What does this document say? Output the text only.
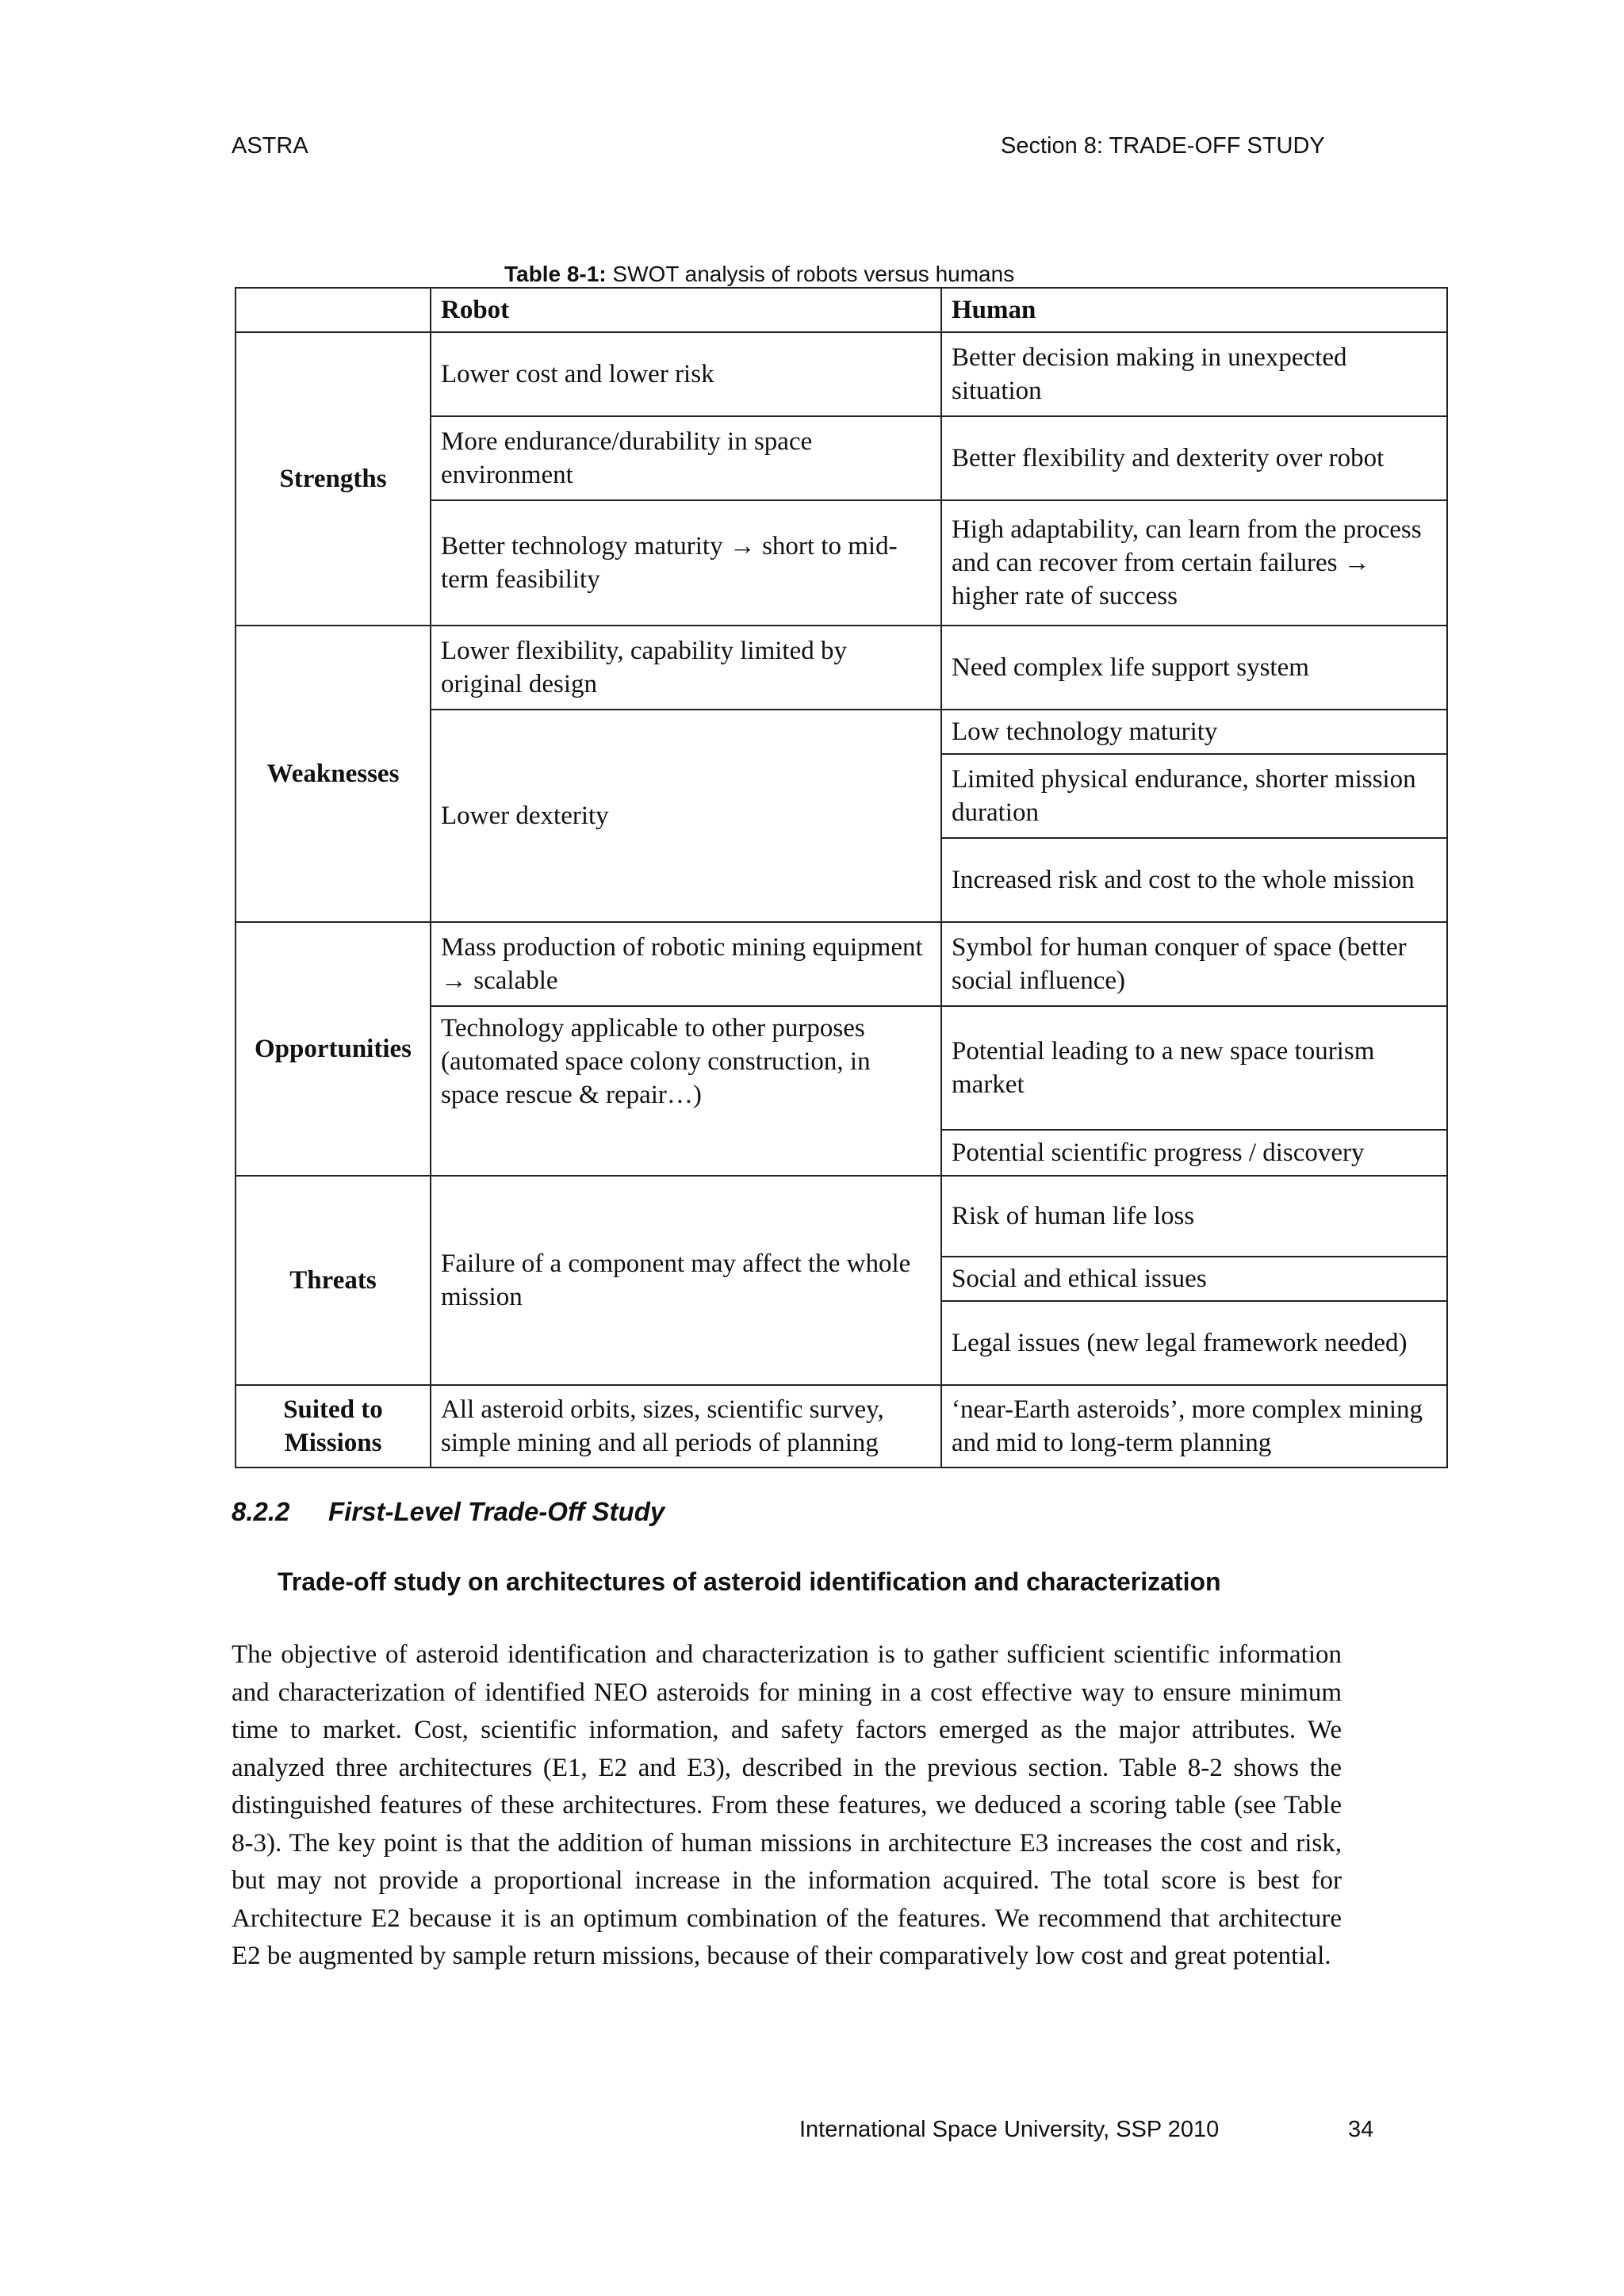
ASTRA	Section 8: TRADE-OFF STUDY
Table 8-1: SWOT analysis of robots versus humans
	Robot	Human
Strengths	Lower cost and lower risk	Better decision making in unexpected situation
	More endurance/durability in space environment	Better flexibility and dexterity over robot
	Better technology maturity → short to mid-term feasibility	High adaptability, can learn from the process and can recover from certain failures → higher rate of success
Weaknesses	Lower flexibility, capability limited by original design	Need complex life support system
	Lower dexterity	Low technology maturity
		Limited physical endurance, shorter mission duration
		Increased risk and cost to the whole mission
Opportunities	Mass production of robotic mining equipment → scalable	Symbol for human conquer of space (better social influence)
	Technology applicable to other purposes (automated space colony construction, in space rescue & repair…)	Potential leading to a new space tourism market
		Potential scientific progress / discovery
Threats	Failure of a component may affect the whole mission	Risk of human life loss
		Social and ethical issues
		Legal issues (new legal framework needed)
Suited to Missions	All asteroid orbits, sizes, scientific survey, simple mining and all periods of planning	‘near-Earth asteroids’, more complex mining and mid to long-term planning
8.2.2 First-Level Trade-Off Study
Trade-off study on architectures of asteroid identification and characterization

The objective of asteroid identification and characterization is to gather sufficient scientific information and characterization of identified NEO asteroids for mining in a cost effective way to ensure minimum time to market. Cost, scientific information, and safety factors emerged as the major attributes. We analyzed three architectures (E1, E2 and E3), described in the previous section. Table 8-2 shows the distinguished features of these architectures. From these features, we deduced a scoring table (see Table 8-3). The key point is that the addition of human missions in architecture E3 increases the cost and risk, but may not provide a proportional increase in the information acquired. The total score is best for Architecture E2 because it is an optimum combination of the features. We recommend that architecture E2 be augmented by sample return missions, because of their comparatively low cost and great potential.

International Space University, SSP 2010	34
